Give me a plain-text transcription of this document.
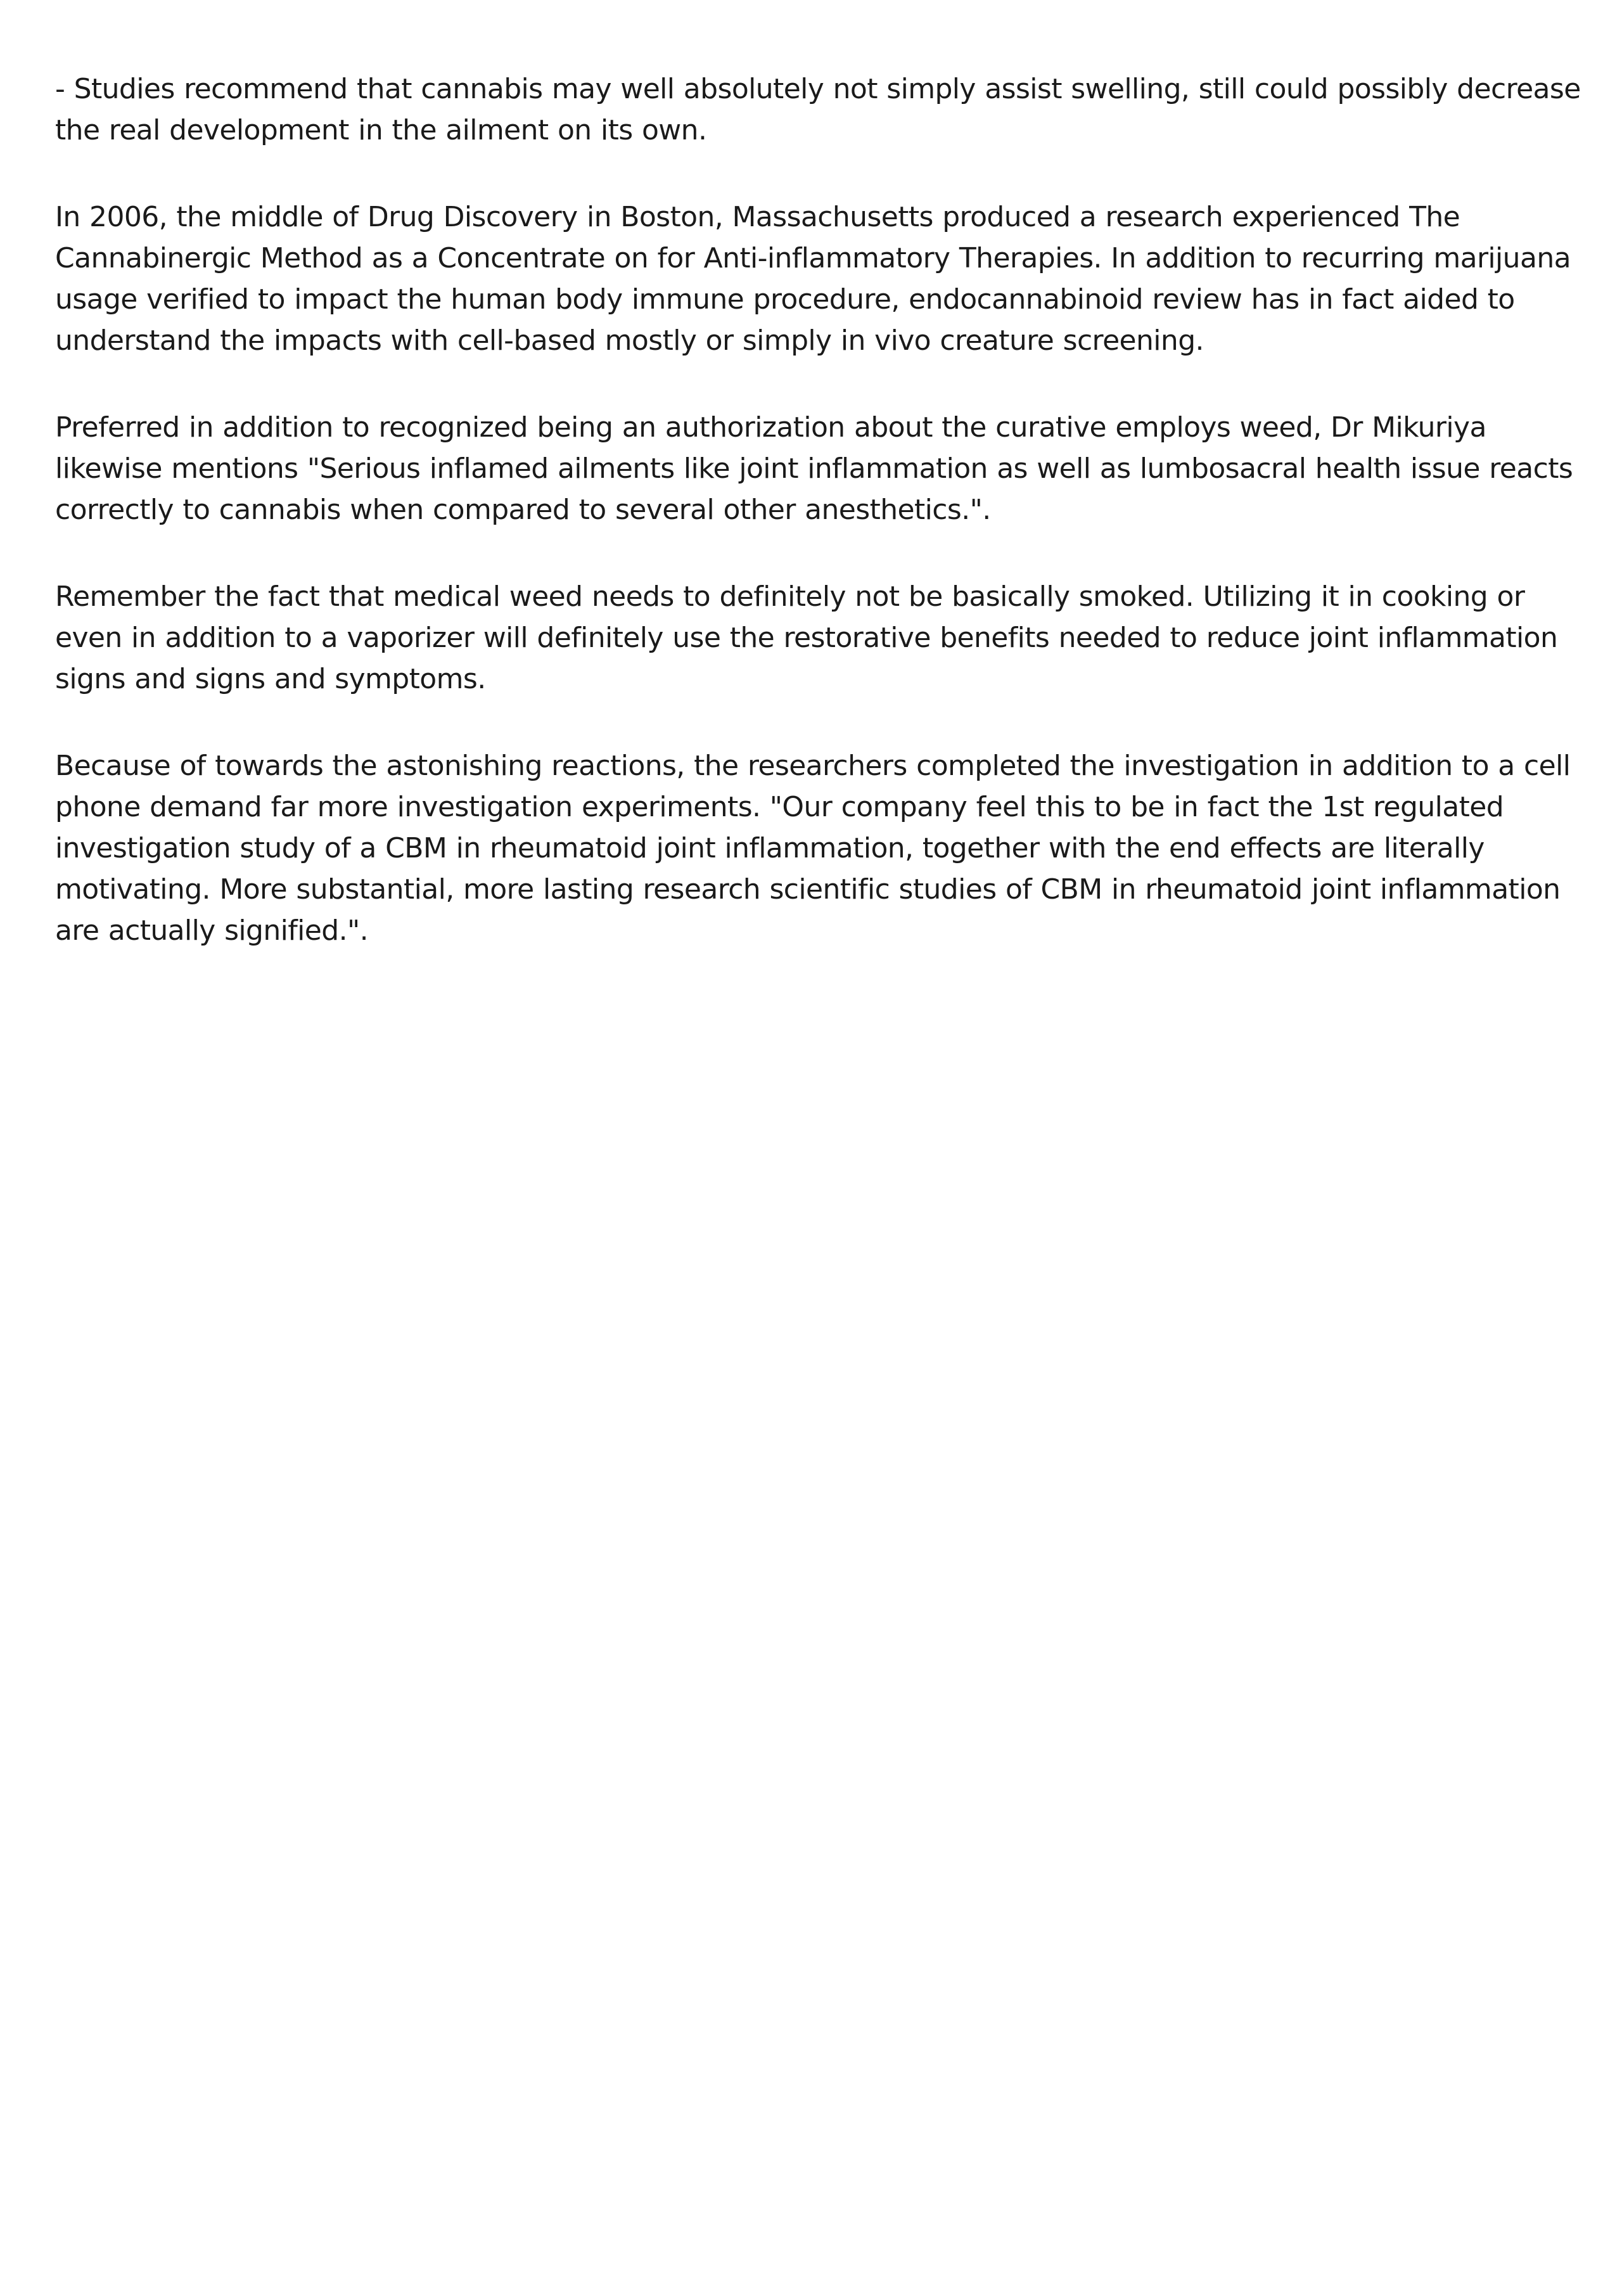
- Studies recommend that cannabis may well absolutely not simply assist swelling, still could possibly decrease the real development in the ailment on its own.

In 2006, the middle of Drug Discovery in Boston, Massachusetts produced a research experienced The Cannabinergic Method as a Concentrate on for Anti-inflammatory Therapies. In addition to recurring marijuana usage verified to impact the human body immune procedure, endocannabinoid review has in fact aided to understand the impacts with cell-based mostly or simply in vivo creature screening.

Preferred in addition to recognized being an authorization about the curative employs weed, Dr Mikuriya likewise mentions "Serious inflamed ailments like joint inflammation as well as lumbosacral health issue reacts correctly to cannabis when compared to several other anesthetics.".

Remember the fact that medical weed needs to definitely not be basically smoked. Utilizing it in cooking or even in addition to a vaporizer will definitely use the restorative benefits needed to reduce joint inflammation signs and signs and symptoms.

Because of towards the astonishing reactions, the researchers completed the investigation in addition to a cell phone demand far more investigation experiments. "Our company feel this to be in fact the 1st regulated investigation study of a CBM in rheumatoid joint inflammation, together with the end effects are literally motivating. More substantial, more lasting research scientific studies of CBM in rheumatoid joint inflammation are actually signified.".
